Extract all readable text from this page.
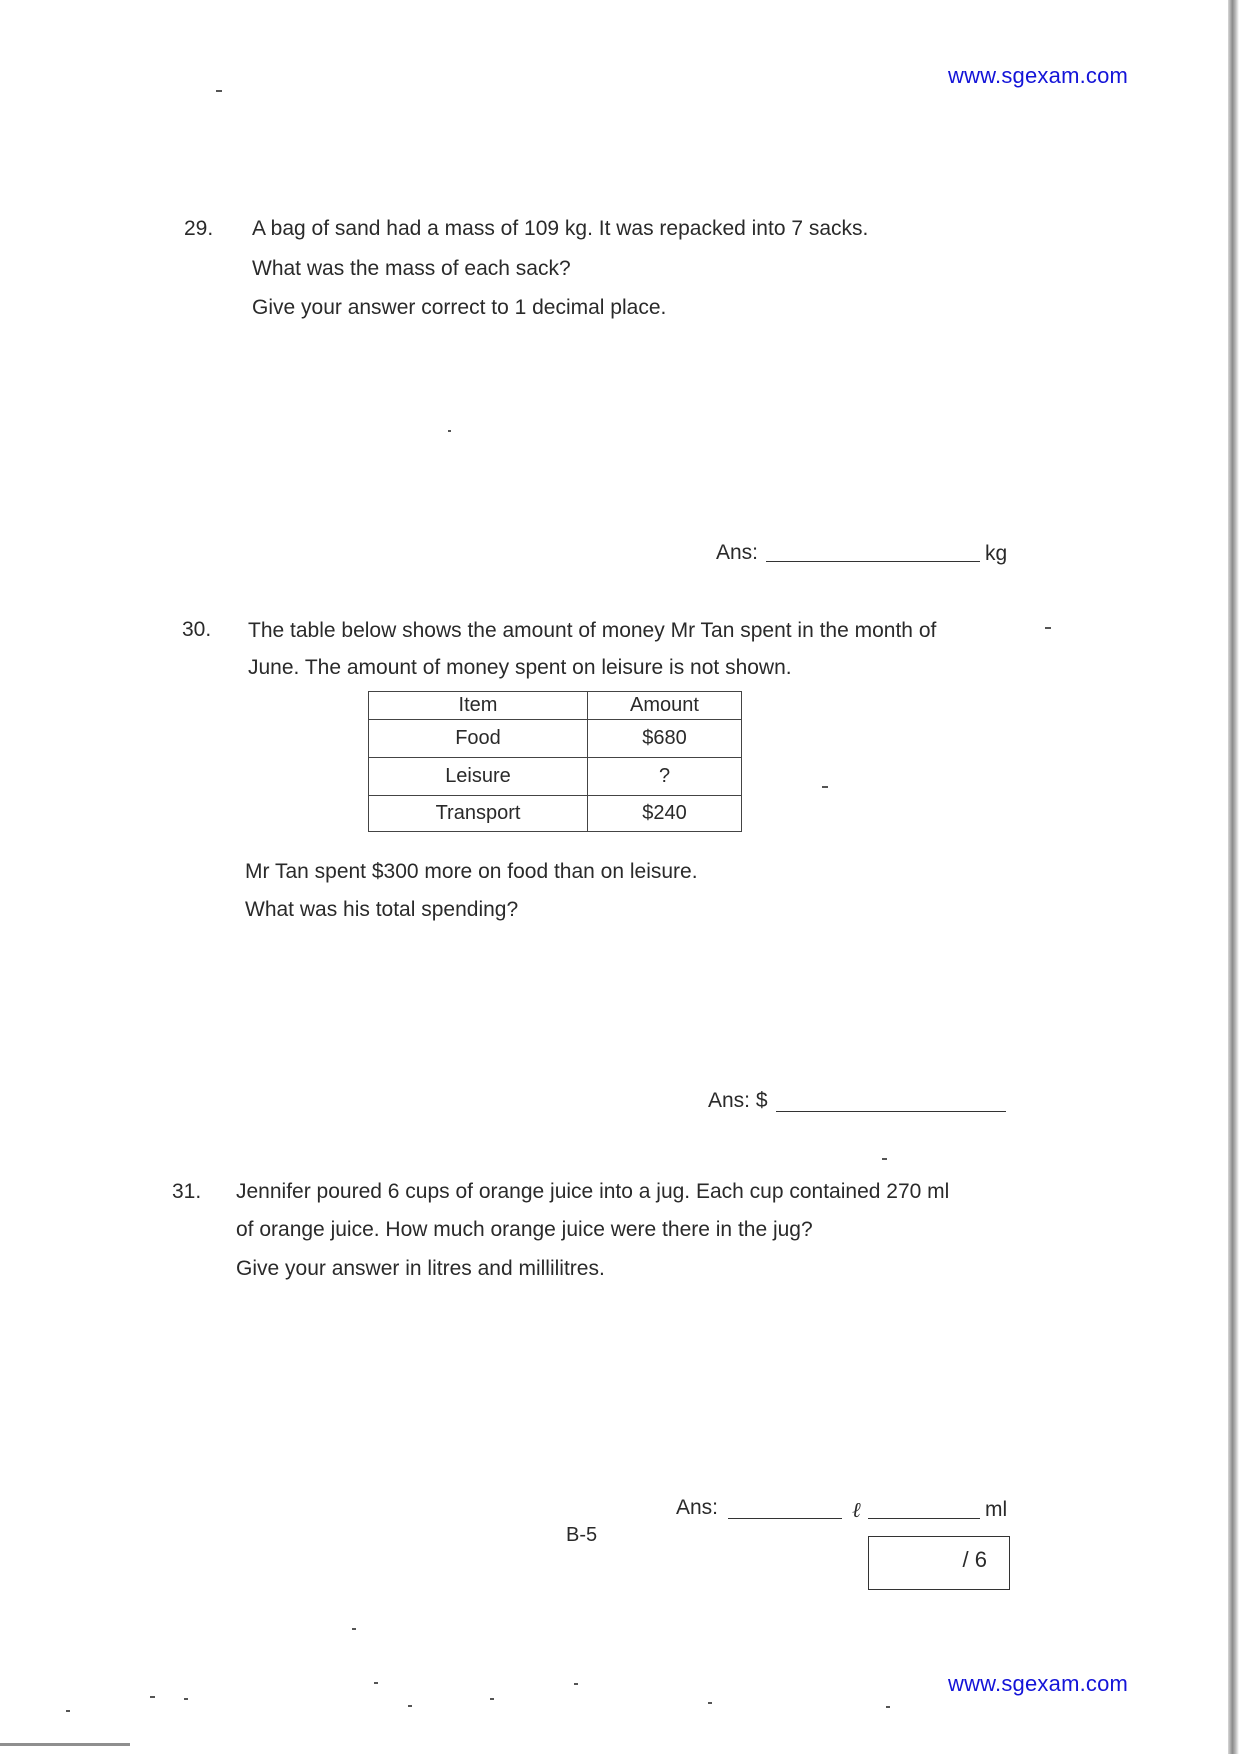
www.sgexam.com
29. A bag of sand had a mass of 109 kg. It was repacked into 7 sacks.
What was the mass of each sack?
Give your answer correct to 1 decimal place.
Ans:	kg
30. The table below shows the amount of money Mr Tan spent in the month of
June. The amount of money spent on leisure is not shown.
Item	Amount
Food	$680
Leisure	?
Transport	$240
Mr Tan spent $300 more on food than on leisure.
What was his total spending?
Ans: $
31. Jennifer poured 6 cups of orange juice into a jug. Each cup contained 270 ml
of orange juice. How much orange juice were there in the jug?
Give your answer in litres and millilitres.
Ans:	ℓ	ml
B-5
/ 6
www.sgexam.com
